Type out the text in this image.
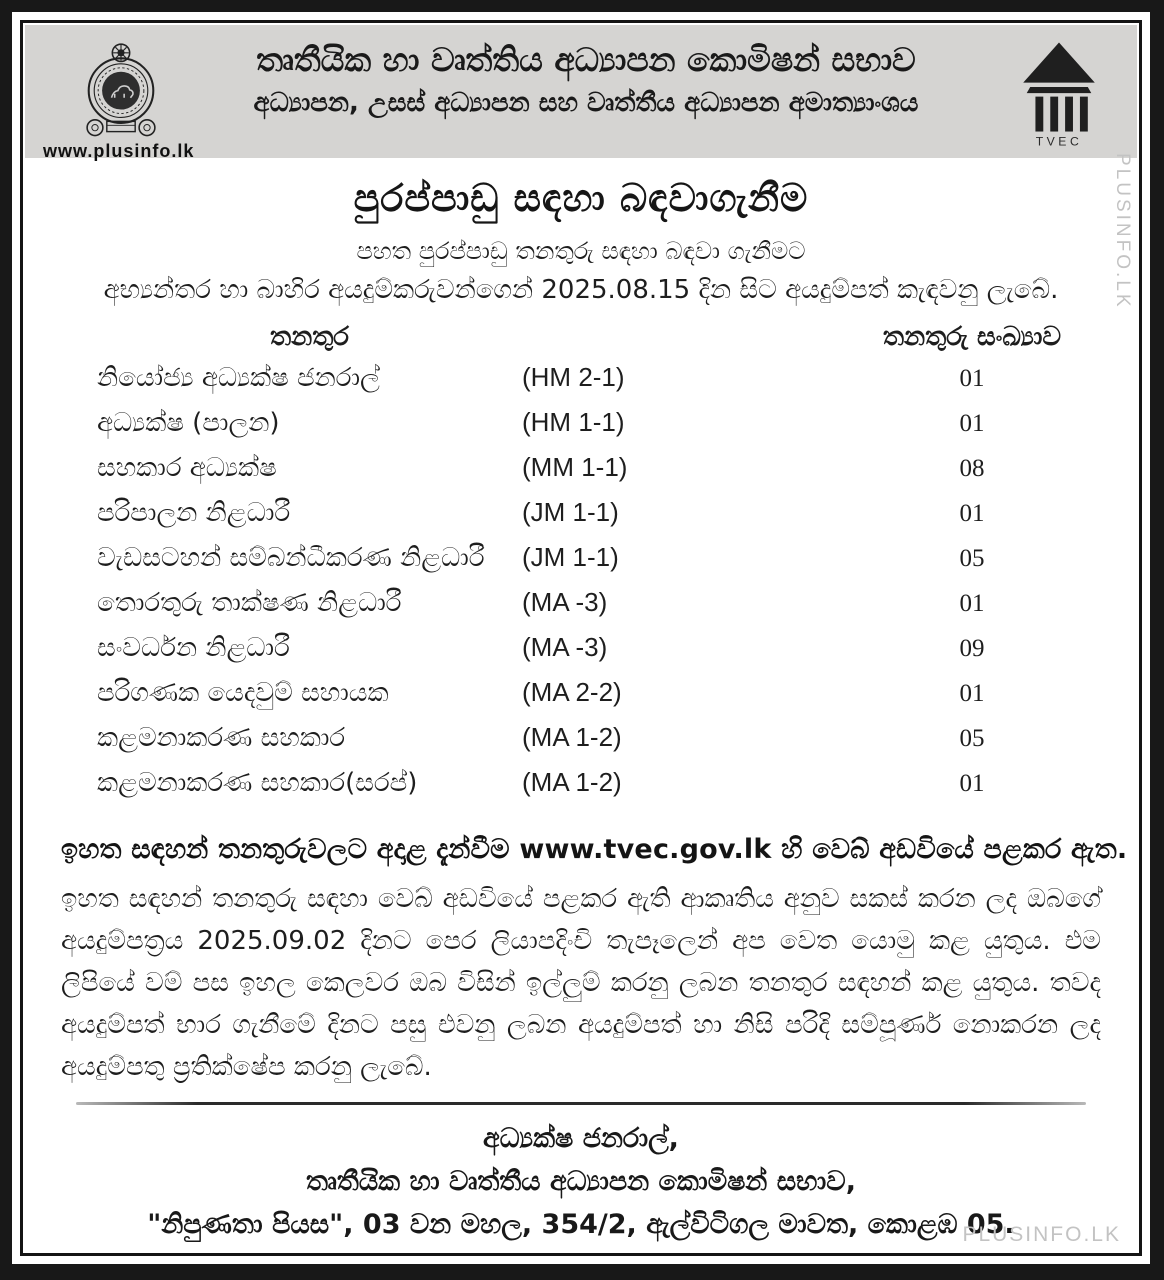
www.plusinfo.lk
තෘතීයික හා වෘත්තිය අධ්‍යාපන කොමිෂන් සභාව
අධ්‍යාපන, උසස් අධ්‍යාපන සහ වෘත්තීය අධ්‍යාපන අමාත්‍යාංශය
TVEC
පුරප්පාඩු සඳහා බඳවාගැනීම
පහත පුරප්පාඩු තනතුරු සඳහා බඳවා ගැනීමට
අභ්‍යන්තර හා බාහිර අයදුම්කරුවන්ගෙන් 2025.08.15 දින සිට අයදුම්පත් කැඳවනු ලැබේ.
තනතුර	තනතුරු සංඛ්‍යාව
නියෝජ්‍ය අධ්‍යක්ෂ ජනරාල්	(HM 2-1)	01
අධ්‍යක්ෂ (පාලන)	(HM 1-1)	01
සහකාර අධ්‍යක්ෂ	(MM 1-1)	08
පරිපාලන නිළධාරී	(JM 1-1)	01
වැඩසටහන් සම්බන්ධීකරණ නිළධාරී	(JM 1-1)	05
තොරතුරු තාක්ෂණ නිළධාරී	(MA -3)	01
සංවර්ධන නිළධාරී	(MA -3)	09
පරිගණක යෙදවුම් සහායක	(MA 2-2)	01
කළමනාකරණ සහකාර	(MA 1-2)	05
කළමනාකරණ සහකාර(සරප්)	(MA 1-2)	01
ඉහත සඳහන් තනතුරුවලට අදාළ දැන්වීම www.tvec.gov.lk හි වෙබ් අඩවියේ පළකර ඇත.
ඉහත සඳහන් තනතුරු සඳහා වෙබ් අඩවියේ පළකර ඇති ආකෘතිය අනුව සකස් කරන ලද ඔබගේ අයදුම්පත්‍රය 2025.09.02 දිනට පෙර ලියාපදිංචි තැපෑලෙන් අප වෙත යොමු කළ යුතුය. එම ලිපියේ වම් පස ඉහල කෙලවර ඔබ විසින් ඉල්ලුම් කරනු ලබන තනතුර සඳහන් කළ යුතුය. තවද අයදුම්පත් භාර ගැනීමේ දිනට පසු එවනු ලබන අයදුම්පත් හා නිසි පරිදි සම්පූර්ණ නොකරන ලද අයදුම්පතු ප්‍රතික්ෂේප කරනු ලැබේ.
අධ්‍යක්ෂ ජනරාල්,
තෘතීයික හා වෘත්තීය අධ්‍යාපන කොමිෂන් සභාව,
"නිපුණතා පියස", 03 වන මහල, 354/2, ඇල්විටිගල මාවත, කොළඹ 05.
PLUSINFO.LK
PLUSINFO.LK
